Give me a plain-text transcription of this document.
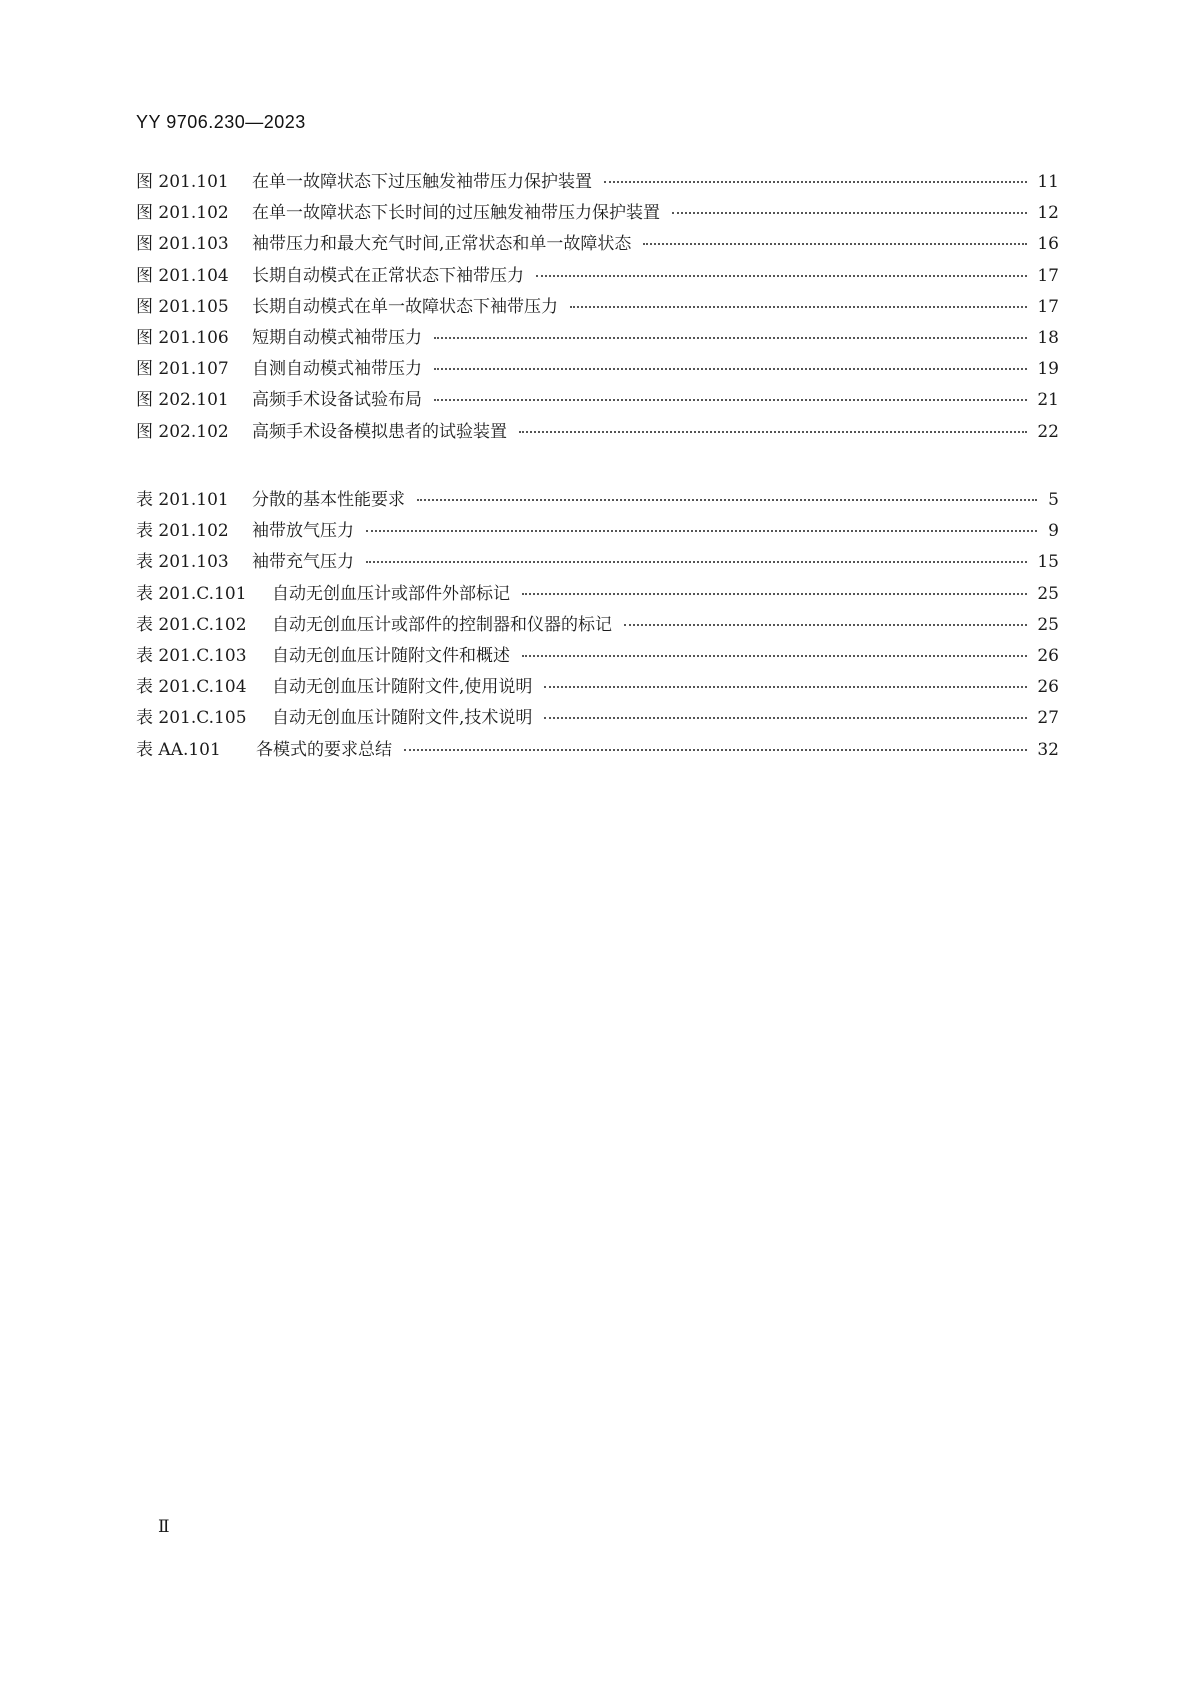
YY 9706.230—2023
图 201.101	在单一故障状态下过压触发袖带压力保护装置	11
图 201.102	在单一故障状态下长时间的过压触发袖带压力保护装置	12
图 201.103	袖带压力和最大充气时间,正常状态和单一故障状态	16
图 201.104	长期自动模式在正常状态下袖带压力	17
图 201.105	长期自动模式在单一故障状态下袖带压力	17
图 201.106	短期自动模式袖带压力	18
图 201.107	自测自动模式袖带压力	19
图 202.101	高频手术设备试验布局	21
图 202.102	高频手术设备模拟患者的试验装置	22
表 201.101	分散的基本性能要求	5
表 201.102	袖带放气压力	9
表 201.103	袖带充气压力	15
表 201.C.101	自动无创血压计或部件外部标记	25
表 201.C.102	自动无创血压计或部件的控制器和仪器的标记	25
表 201.C.103	自动无创血压计随附文件和概述	26
表 201.C.104	自动无创血压计随附文件,使用说明	26
表 201.C.105	自动无创血压计随附文件,技术说明	27
表 AA.101	各模式的要求总结	32
Ⅱ
